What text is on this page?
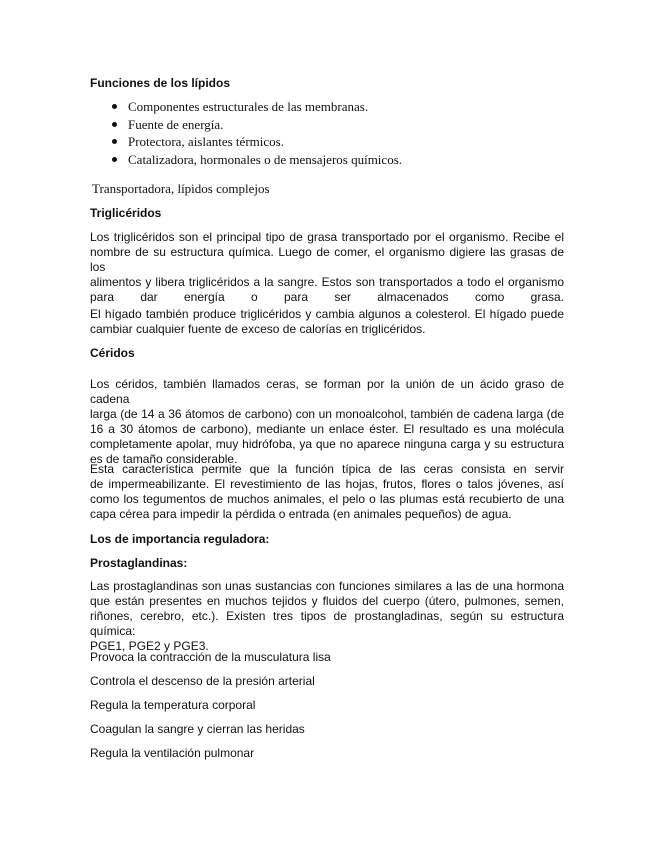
Funciones de los lípidos
Componentes estructurales de las membranas.
Fuente de energía.
Protectora, aislantes térmicos.
Catalizadora, hormonales o de mensajeros químicos.
Transportadora, lípidos complejos
Triglicéridos
Los triglicéridos son el principal tipo de grasa transportado por el organismo. Recibe el
nombre de su estructura química. Luego de comer, el organismo digiere las grasas de los
alimentos y libera triglicéridos a la sangre. Estos son transportados a todo el organismo
para dar energía o para ser almacenados como grasa.
El hígado también produce triglicéridos y cambia algunos a colesterol. El hígado puede
cambiar cualquier fuente de exceso de calorías en triglicéridos.
Céridos
Los céridos, también llamados ceras, se forman por la unión de un ácido graso de cadena
larga (de 14 a 36 átomos de carbono) con un monoalcohol, también de cadena larga (de
16 a 30 átomos de carbono), mediante un enlace éster. El resultado es una molécula
completamente apolar, muy hidrófoba, ya que no aparece ninguna carga y su estructura
es de tamaño considerable.
Esta característica permite que la función típica de las ceras consista en servir
de impermeabilizante. El revestimiento de las hojas, frutos, flores o talos jóvenes, así
como los tegumentos de muchos animales, el pelo o las plumas está recubierto de una
capa cérea para impedir la pérdida o entrada (en animales pequeños) de agua.
Los de importancia reguladora:
Prostaglandinas:
Las prostaglandinas son unas sustancias con funciones similares a las de una hormona
que están presentes en muchos tejidos y fluidos del cuerpo (útero, pulmones, semen,
riñones, cerebro, etc.). Existen tres tipos de prostangladinas, según su estructura química:
PGE1, PGE2 y PGE3.
Provoca la contracción de la musculatura lisa
Controla el descenso de la presión arterial
Regula la temperatura corporal
Coagulan la sangre y cierran las heridas
Regula la ventilación pulmonar
